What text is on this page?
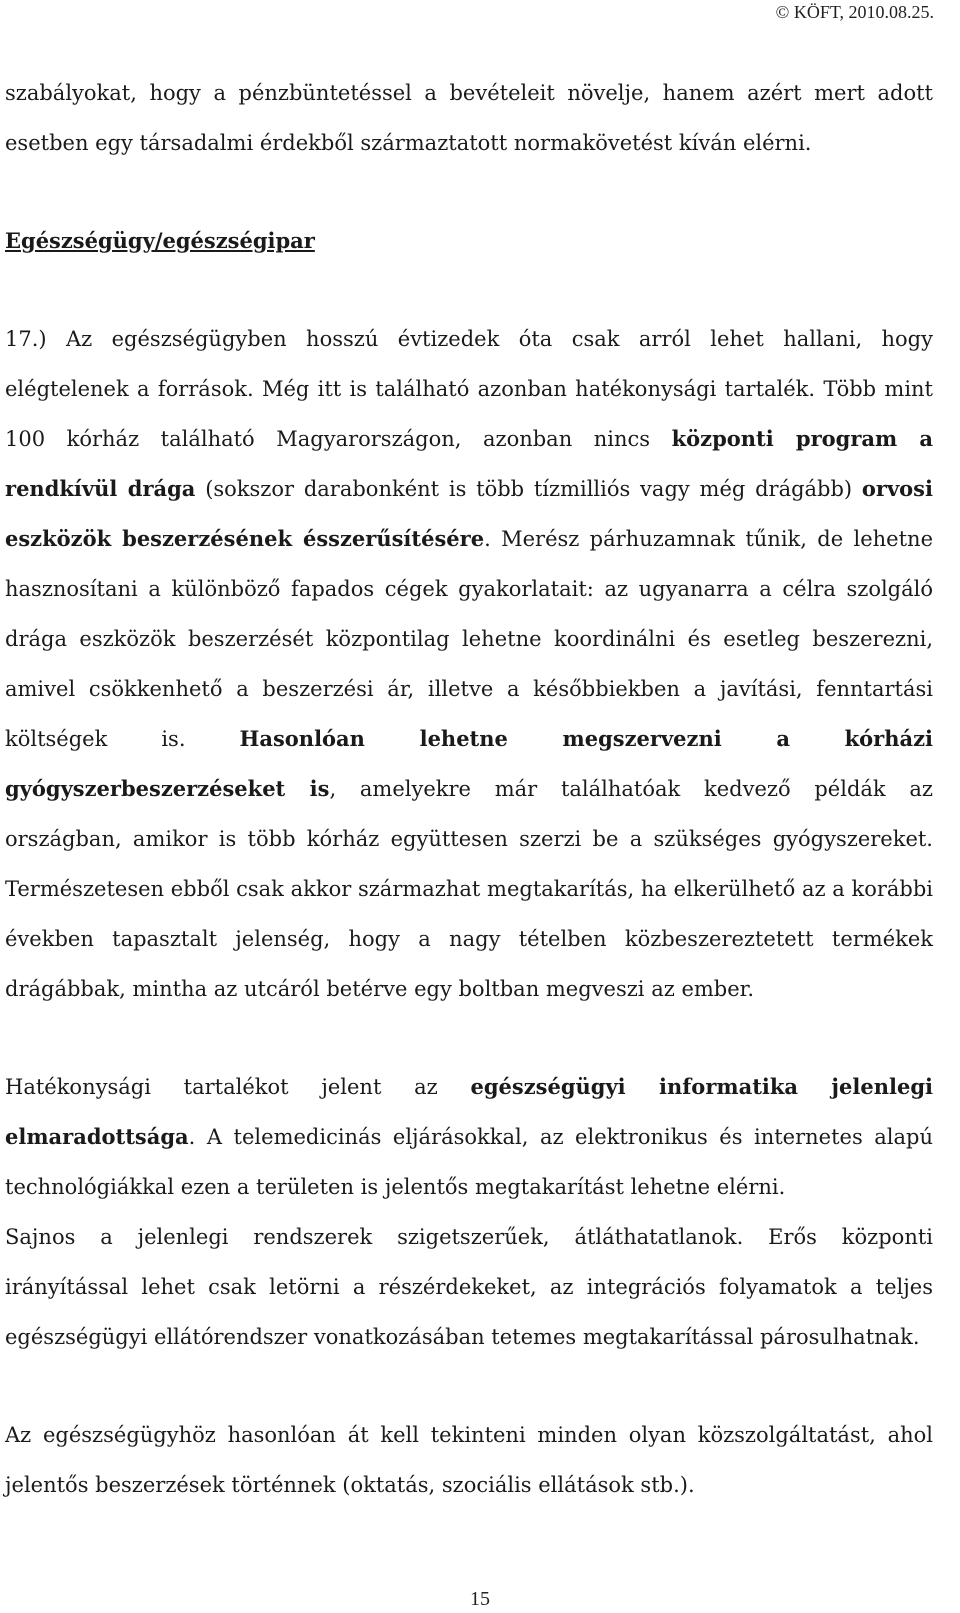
© KÖFT, 2010.08.25.

szabályokat, hogy a pénzbüntetéssel a bevételeit növelje, hanem azért mert adott esetben egy társadalmi érdekből származtatott normakövetést kíván elérni.

Egészségügy/egészségipar

17.) Az egészségügyben hosszú évtizedek óta csak arról lehet hallani, hogy elégtelenek a források. Még itt is található azonban hatékonysági tartalék. Több mint 100 kórház található Magyarországon, azonban nincs központi program a rendkívül drága (sokszor darabonként is több tízmilliós vagy még drágább) orvosi eszközök beszerzésének ésszerűsítésére. Merész párhuzamnak tűnik, de lehetne hasznosítani a különböző fapados cégek gyakorlatait: az ugyanarra a célra szolgáló drága eszközök beszerzését központilag lehetne koordinálni és esetleg beszerezni, amivel csökkenhető a beszerzési ár, illetve a későbbiekben a javítási, fenntartási költségek is. Hasonlóan lehetne megszervezni a kórházi gyógyszerbeszerzéseket is, amelyekre már találhatóak kedvező példák az országban, amikor is több kórház együttesen szerzi be a szükséges gyógyszereket. Természetesen ebből csak akkor származhat megtakarítás, ha elkerülhető az a korábbi években tapasztalt jelenség, hogy a nagy tételben közbeszereztetett termékek drágábbak, mintha az utcáról betérve egy boltban megveszi az ember.

Hatékonysági tartalékot jelent az egészségügyi informatika jelenlegi elmaradottsága. A telemedicinás eljárásokkal, az elektronikus és internetes alapú technológiákkal ezen a területen is jelentős megtakarítást lehetne elérni.

Sajnos a jelenlegi rendszerek szigetszerűek, átláthatatlanok. Erős központi irányítással lehet csak letörni a részérdekeket, az integrációs folyamatok a teljes egészségügyi ellátórendszer vonatkozásában tetemes megtakarítással párosulhatnak.

Az egészségügyhöz hasonlóan át kell tekinteni minden olyan közszolgáltatást, ahol jelentős beszerzések történnek (oktatás, szociális ellátások stb.).

15
